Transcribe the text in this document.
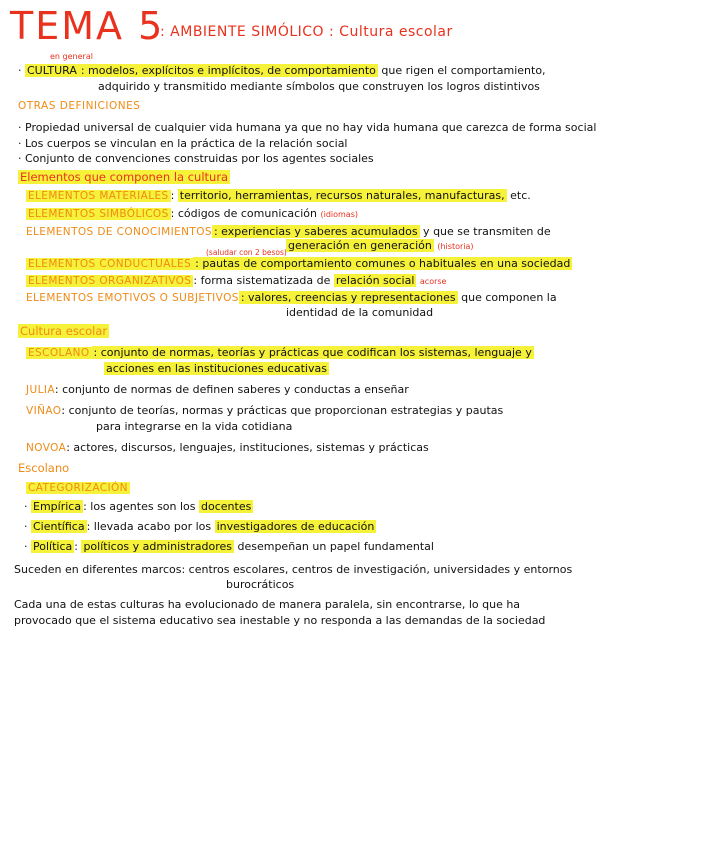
TEMA 5
: AMBIENTE SIMÓLICO : Cultura escolar
en general
· CULTURA : modelos, explícitos e implícitos, de comportamiento que rigen el comportamiento,
adquirido y transmitido mediante símbolos que construyen los logros distintivos
OTRAS DEFINICIONES
· Propiedad universal de cualquier vida humana ya que no hay vida humana que carezca de forma social
· Los cuerpos se vinculan en la práctica de la relación social
· Conjunto de convenciones construidas por los agentes sociales
Elementos que componen la cultura
ELEMENTOS MATERIALES : territorio, herramientas, recursos naturales, manufacturas, etc.
ELEMENTOS SIMBÓLICOS : códigos de comunicación (idiomas)
ELEMENTOS DE CONOCIMIENTOS : experiencias y saberes acumulados y que se transmiten de
generación en generación (historia)
(saludar con 2 besos)
ELEMENTOS CONDUCTUALES : pautas de comportamiento comunes o habituales en una sociedad
ELEMENTOS ORGANIZATIVOS : forma sistematizada de relación social acorse
ELEMENTOS EMOTIVOS O SUBJETIVOS : valores, creencias y representaciones que componen la
identidad de la comunidad
Cultura escolar
ESCOLANO : conjunto de normas, teorías y prácticas que codifican los sistemas, lenguaje y
acciones en las instituciones educativas
JULIA: conjunto de normas de definen saberes y conductas a enseñar
VIÑAO: conjunto de teorías, normas y prácticas que proporcionan estrategias y pautas
para integrarse en la vida cotidiana
NOVOA: actores, discursos, lenguajes, instituciones, sistemas y prácticas
Escolano
CATEGORIZACIÓN
· Empírica : los agentes son los docentes
· Científica : llevada acabo por los investigadores de educación
· Política : políticos y administradores desempeñan un papel fundamental
Suceden en diferentes marcos: centros escolares, centros de investigación, universidades y entornos
burocráticos
Cada una de estas culturas ha evolucionado de manera paralela, sin encontrarse, lo que ha
provocado que el sistema educativo sea inestable y no responda a las demandas de la sociedad
